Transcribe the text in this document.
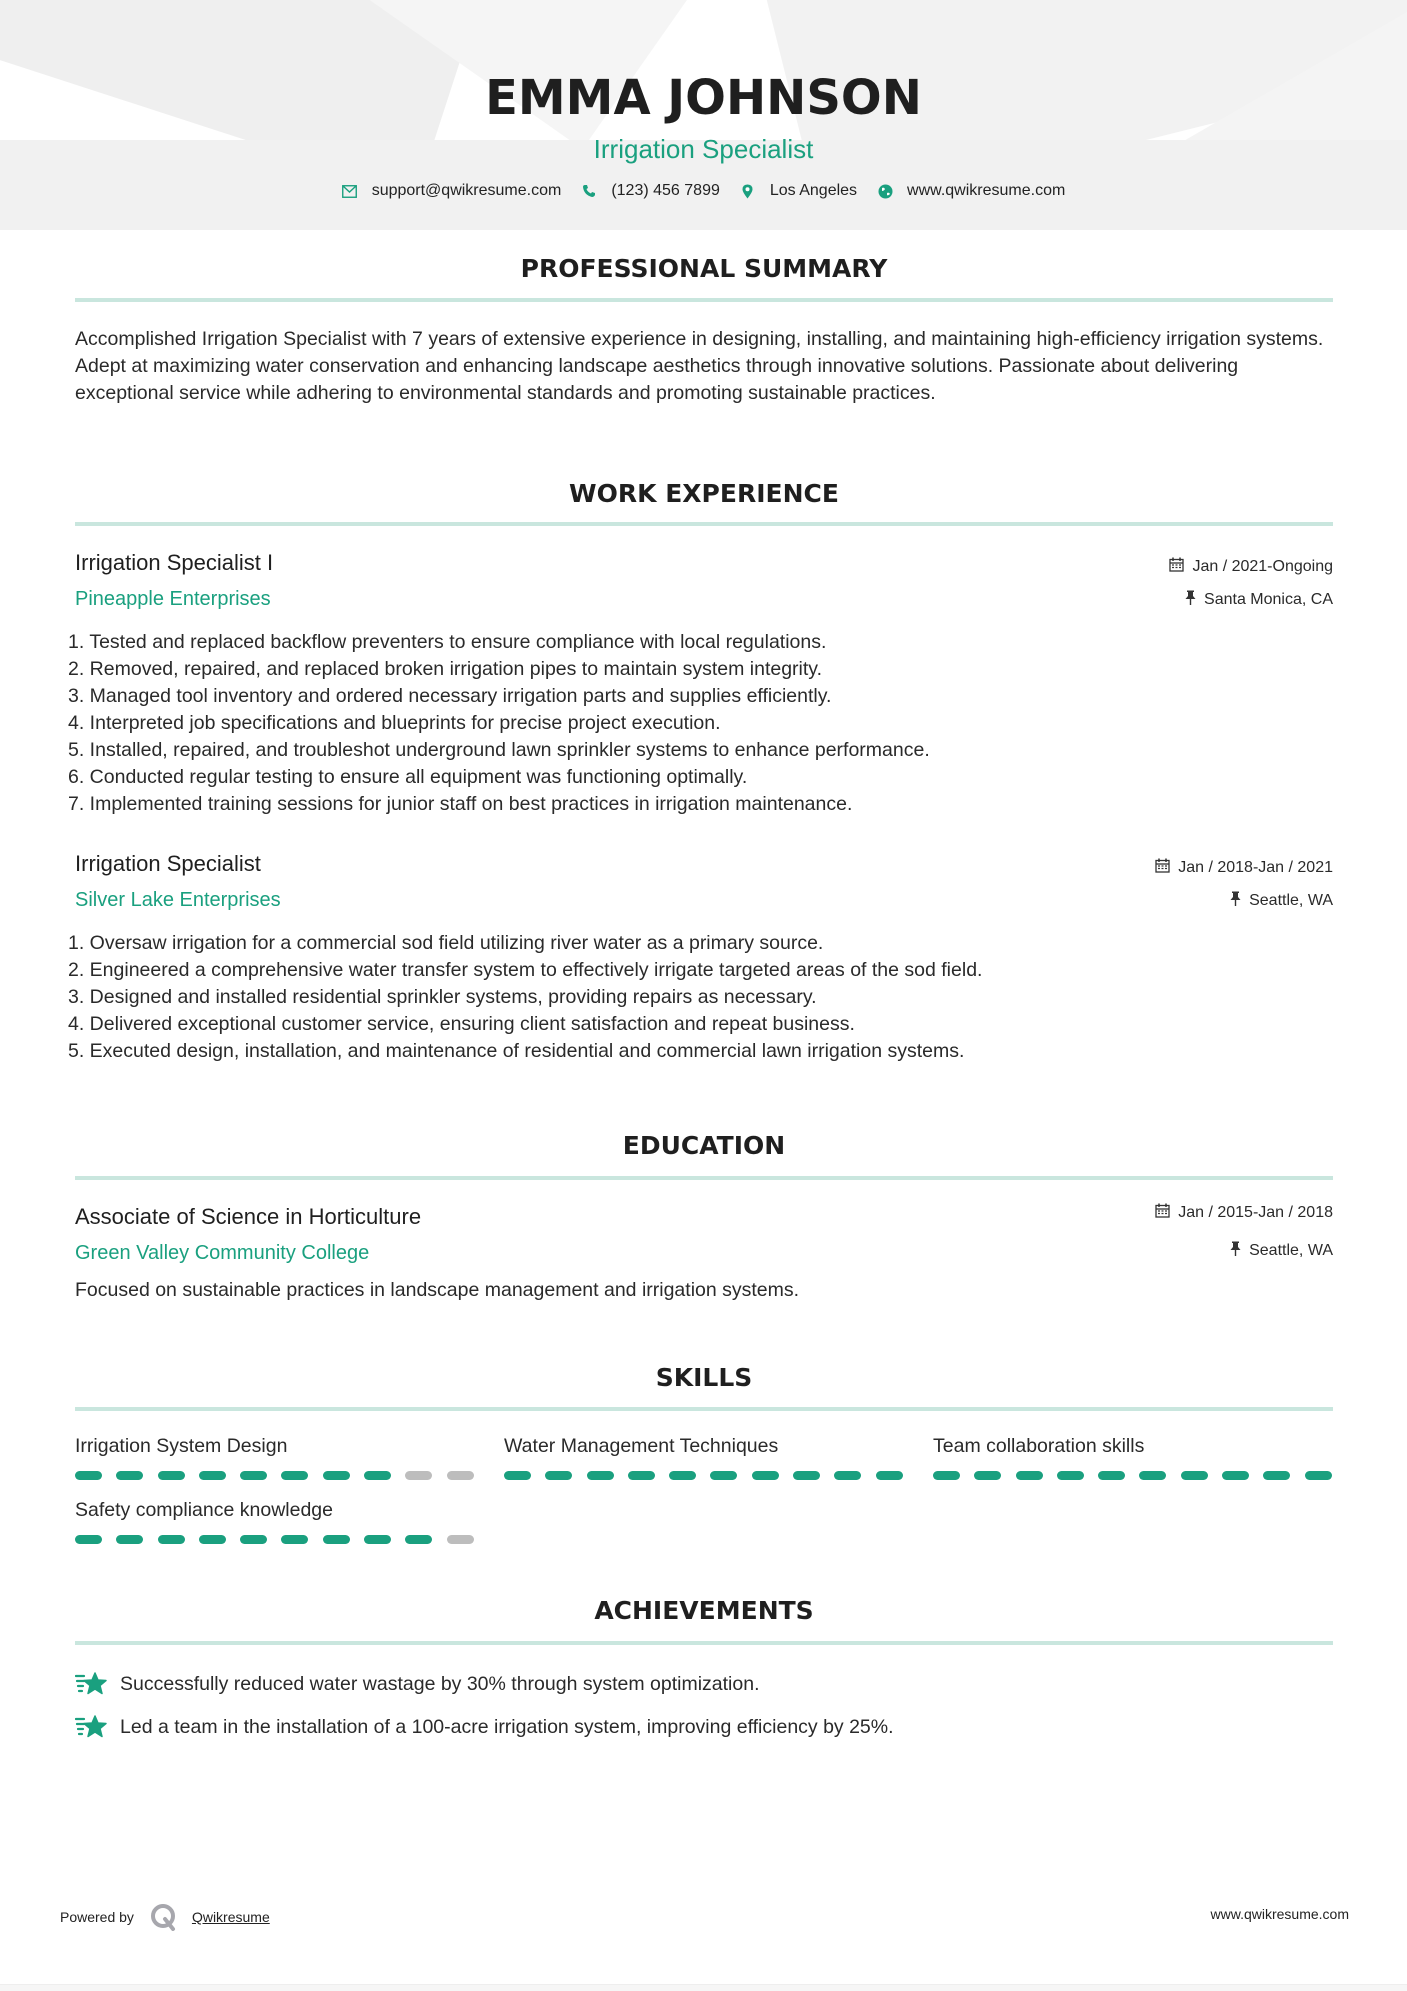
EMMA JOHNSON
Irrigation Specialist
support@qwikresume.com	(123) 456 7899	Los Angeles	www.qwikresume.com
PROFESSIONAL SUMMARY
Accomplished Irrigation Specialist with 7 years of extensive experience in designing, installing, and maintaining high-efficiency irrigation systems. Adept at maximizing water conservation and enhancing landscape aesthetics through innovative solutions. Passionate about delivering exceptional service while adhering to environmental standards and promoting sustainable practices.
WORK EXPERIENCE
Irrigation Specialist I	Jan / 2021-Ongoing
Pineapple Enterprises	Santa Monica, CA
1. Tested and replaced backflow preventers to ensure compliance with local regulations.
2. Removed, repaired, and replaced broken irrigation pipes to maintain system integrity.
3. Managed tool inventory and ordered necessary irrigation parts and supplies efficiently.
4. Interpreted job specifications and blueprints for precise project execution.
5. Installed, repaired, and troubleshot underground lawn sprinkler systems to enhance performance.
6. Conducted regular testing to ensure all equipment was functioning optimally.
7. Implemented training sessions for junior staff on best practices in irrigation maintenance.
Irrigation Specialist	Jan / 2018-Jan / 2021
Silver Lake Enterprises	Seattle, WA
1. Oversaw irrigation for a commercial sod field utilizing river water as a primary source.
2. Engineered a comprehensive water transfer system to effectively irrigate targeted areas of the sod field.
3. Designed and installed residential sprinkler systems, providing repairs as necessary.
4. Delivered exceptional customer service, ensuring client satisfaction and repeat business.
5. Executed design, installation, and maintenance of residential and commercial lawn irrigation systems.
EDUCATION
Associate of Science in Horticulture	Jan / 2015-Jan / 2018
Green Valley Community College	Seattle, WA
Focused on sustainable practices in landscape management and irrigation systems.
SKILLS
Irrigation System Design	Water Management Techniques	Team collaboration skills
Safety compliance knowledge
ACHIEVEMENTS
Successfully reduced water wastage by 30% through system optimization.
Led a team in the installation of a 100-acre irrigation system, improving efficiency by 25%.
Powered by	Qwikresume	www.qwikresume.com
